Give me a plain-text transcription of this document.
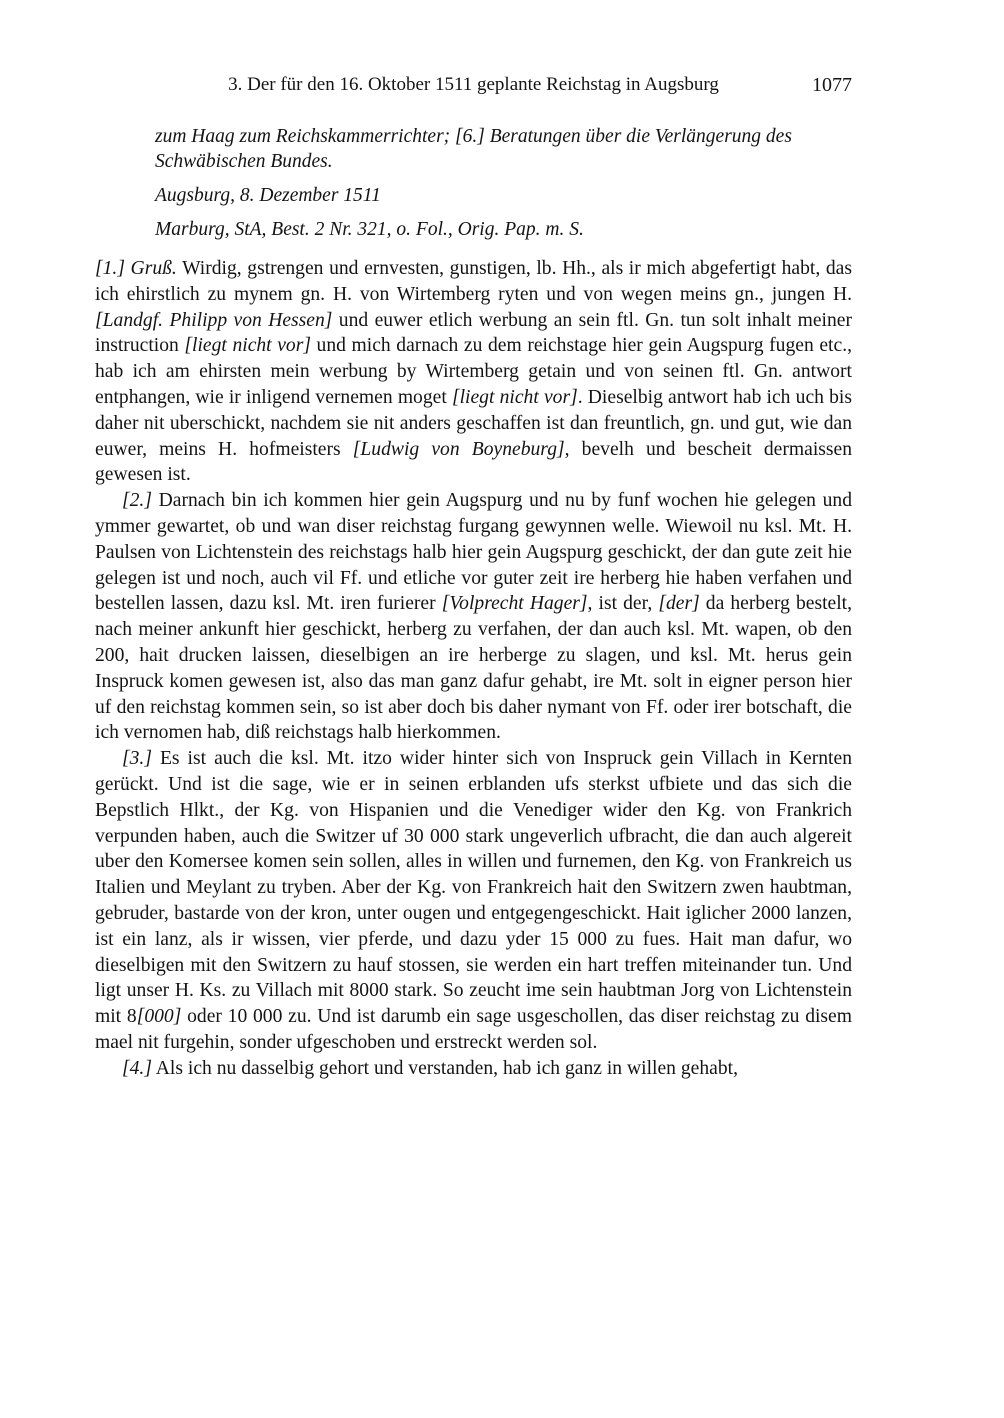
3. Der für den 16. Oktober 1511 geplante Reichstag in Augsburg	1077

zum Haag zum Reichskammerrichter; [6.] Beratungen über die Verlängerung des Schwäbischen Bundes.

Augsburg, 8. Dezember 1511

Marburg, StA, Best. 2 Nr. 321, o. Fol., Orig. Pap. m. S.

[1.] Gruß. Wirdig, gstrengen und ernvesten, gunstigen, lb. Hh., als ir mich abgefertigt habt, das ich ehirstlich zu mynem gn. H. von Wirtemberg ryten und von wegen meins gn., jungen H. [Landgf. Philipp von Hessen] und euwer etlich werbung an sein ftl. Gn. tun solt inhalt meiner instruction [liegt nicht vor] und mich darnach zu dem reichstage hier gein Augspurg fugen etc., hab ich am ehirsten mein werbung by Wirtemberg getain und von seinen ftl. Gn. antwort entphangen, wie ir inligend vernemen moget [liegt nicht vor]. Dieselbig antwort hab ich uch bis daher nit uberschickt, nachdem sie nit anders geschaffen ist dan freuntlich, gn. und gut, wie dan euwer, meins H. hofmeisters [Ludwig von Boyneburg], bevelh und bescheit dermaissen gewesen ist.

[2.] Darnach bin ich kommen hier gein Augspurg und nu by funf wochen hie gelegen und ymmer gewartet, ob und wan diser reichstag furgang gewynnen welle. Wiewoil nu ksl. Mt. H. Paulsen von Lichtenstein des reichstags halb hier gein Augspurg geschickt, der dan gute zeit hie gelegen ist und noch, auch vil Ff. und etliche vor guter zeit ire herberg hie haben verfahen und bestellen lassen, dazu ksl. Mt. iren furierer [Volprecht Hager], ist der, [der] da herberg bestelt, nach meiner ankunft hier geschickt, herberg zu verfahen, der dan auch ksl. Mt. wapen, ob den 200, hait drucken laissen, dieselbigen an ire herberge zu slagen, und ksl. Mt. herus gein Inspruck komen gewesen ist, also das man ganz dafur gehabt, ire Mt. solt in eigner person hier uf den reichstag kommen sein, so ist aber doch bis daher nymant von Ff. oder irer botschaft, die ich vernomen hab, diß reichstags halb hierkommen.

[3.] Es ist auch die ksl. Mt. itzo wider hinter sich von Inspruck gein Villach in Kernten gerückt. Und ist die sage, wie er in seinen erblanden ufs sterkst ufbiete und das sich die Bepstlich Hlkt., der Kg. von Hispanien und die Venediger wider den Kg. von Frankrich verpunden haben, auch die Switzer uf 30 000 stark ungeverlich ufbracht, die dan auch algereit uber den Komersee komen sein sollen, alles in willen und furnemen, den Kg. von Frankreich us Italien und Meylant zu tryben. Aber der Kg. von Frankreich hait den Switzern zwen haubtman, gebruder, bastarde von der kron, unter ougen und entgegengeschickt. Hait iglicher 2000 lanzen, ist ein lanz, als ir wissen, vier pferde, und dazu yder 15 000 zu fues. Hait man dafur, wo dieselbigen mit den Switzern zu hauf stossen, sie werden ein hart treffen miteinander tun. Und ligt unser H. Ks. zu Villach mit 8000 stark. So zeucht ime sein haubtman Jorg von Lichtenstein mit 8[000] oder 10 000 zu. Und ist darumb ein sage usgeschollen, das diser reichstag zu disem mael nit furgehin, sonder ufgeschoben und erstreckt werden sol.

[4.] Als ich nu dasselbig gehort und verstanden, hab ich ganz in willen gehabt,
